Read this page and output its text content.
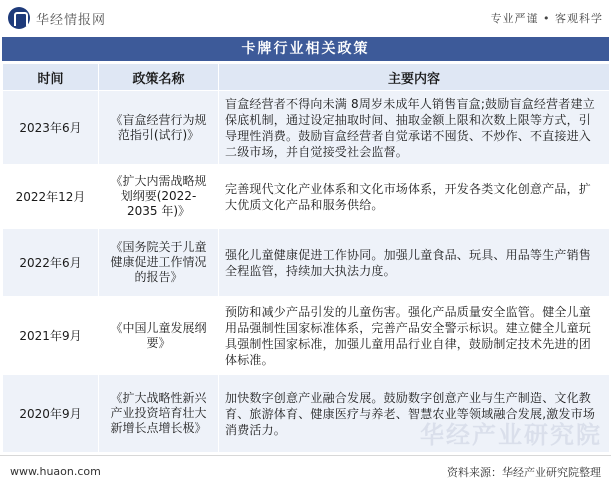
华经情报网	专业严谨 • 客观科学
卡牌行业相关政策
时间	政策名称	主要内容
2023年6月	《盲盒经营行为规范指引(试行)》	盲盒经营者不得向未满 8周岁未成年人销售盲盒;鼓励盲盒经营者建立保底机制，通过设定抽取时间、抽取金额上限和次数上限等方式，引导理性消费。鼓励盲盒经营者自觉承诺不囤货、不炒作、不直接进入二级市场，并自觉接受社会监督。
2022年12月	《扩大内需战略规划纲要(2022-2035 年)》	完善现代文化产业体系和文化市场体系，开发各类文化创意产品，扩大优质文化产品和服务供给。
2022年6月	《国务院关于儿童健康促进工作情况的报告》	强化儿童健康促进工作协同。加强儿童食品、玩具、用品等生产销售全程监管，持续加大执法力度。
2021年9月	《中国儿童发展纲要》	预防和减少产品引发的儿童伤害。强化产品质量安全监管。健全儿童用品强制性国家标准体系，完善产品安全警示标识。建立健全儿童玩具强制性国家标准，加强儿童用品行业自律，鼓励制定技术先进的团体标准。
2020年9月	《扩大战略性新兴产业投资培育壮大新增长点增长极》	加快数字创意产业融合发展。鼓励数字创意产业与生产制造、文化教育、旅游体育、健康医疗与养老、智慧农业等领域融合发展,激发市场消费活力。	华经产业研究院
www.huaon.com	资料来源：华经产业研究院整理
